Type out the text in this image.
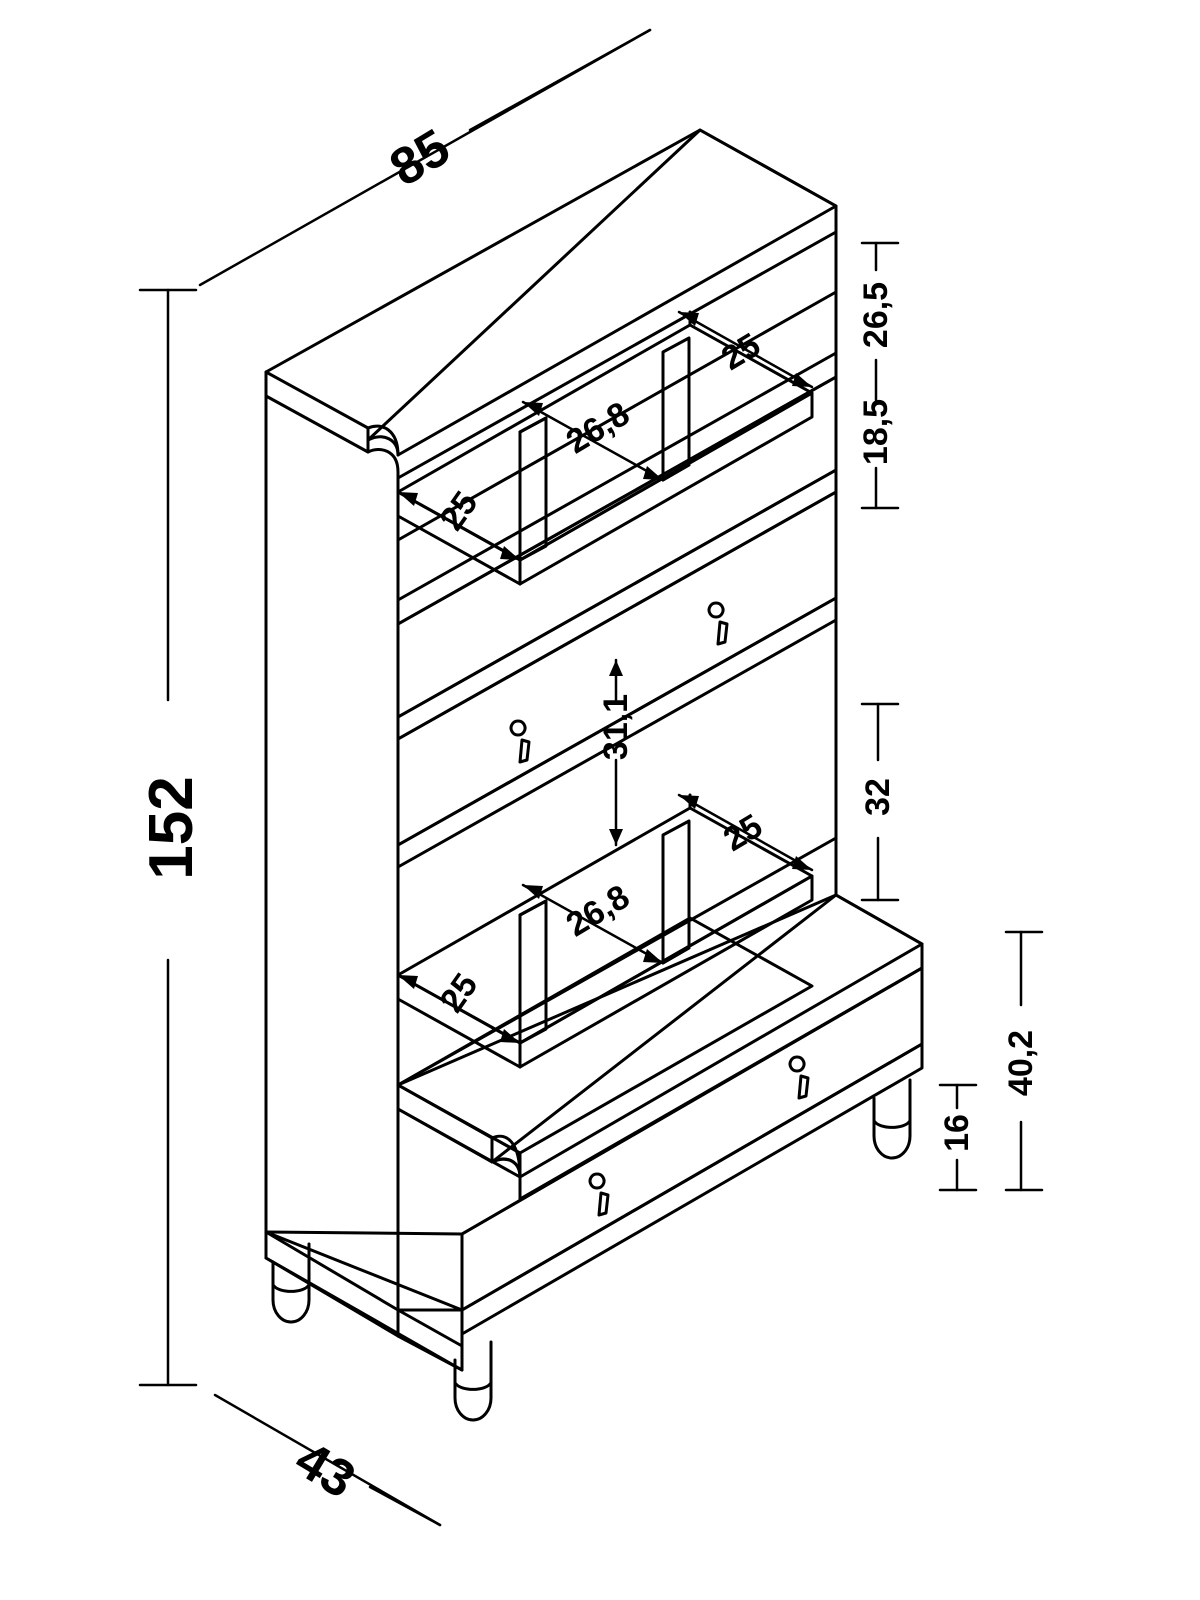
85
152
43
26,5
18,5
32
40,2
16
31,1
25
26,8
25
25
26,8
25
